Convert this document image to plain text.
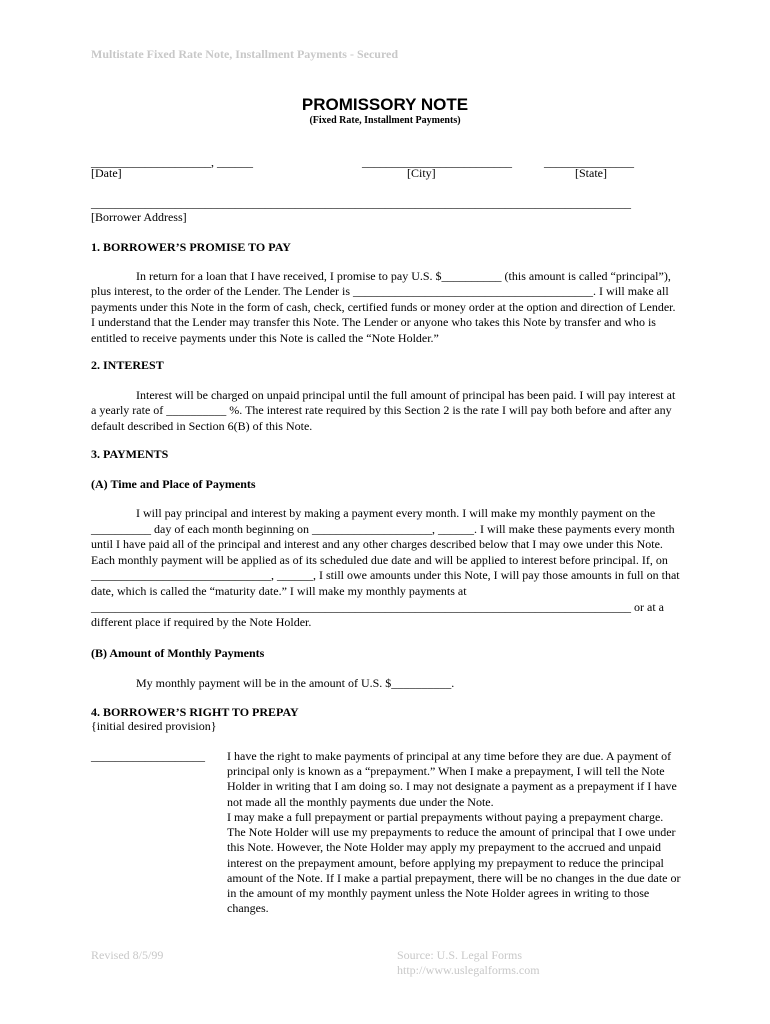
Multistate Fixed Rate Note, Installment Payments - Secured
PROMISSORY NOTE
(Fixed Rate, Installment Payments)
____________________, ______	_________________________	_______________
[Date]	[City]	[State]
__________________________________________________________________________________________
[Borrower Address]
1. BORROWER’S PROMISE TO PAY
In return for a loan that I have received, I promise to pay U.S. $__________ (this amount is called “principal”), plus interest, to the order of the Lender. The Lender is ________________________________________. I will make all payments under this Note in the form of cash, check, certified funds or money order at the option and direction of Lender. I understand that the Lender may transfer this Note. The Lender or anyone who takes this Note by transfer and who is entitled to receive payments under this Note is called the “Note Holder.”
2. INTEREST
Interest will be charged on unpaid principal until the full amount of principal has been paid. I will pay interest at a yearly rate of __________ %. The interest rate required by this Section 2 is the rate I will pay both before and after any default described in Section 6(B) of this Note.
3. PAYMENTS
(A) Time and Place of Payments
I will pay principal and interest by making a payment every month. I will make my monthly payment on the __________ day of each month beginning on ____________________, ______. I will make these payments every month until I have paid all of the principal and interest and any other charges described below that I may owe under this Note. Each monthly payment will be applied as of its scheduled due date and will be applied to interest before principal. If, on ______________________________, ______, I still owe amounts under this Note, I will pay those amounts in full on that date, which is called the “maturity date.” I will make my monthly payments at __________________________________________________________________________________________ or at a different place if required by the Note Holder.
(B) Amount of Monthly Payments
My monthly payment will be in the amount of U.S. $__________.
4. BORROWER’S RIGHT TO PREPAY
{initial desired provision}
___________________ I have the right to make payments of principal at any time before they are due. A payment of principal only is known as a “prepayment.” When I make a prepayment, I will tell the Note Holder in writing that I am doing so. I may not designate a payment as a prepayment if I have not made all the monthly payments due under the Note.
I may make a full prepayment or partial prepayments without paying a prepayment charge. The Note Holder will use my prepayments to reduce the amount of principal that I owe under this Note. However, the Note Holder may apply my prepayment to the accrued and unpaid interest on the prepayment amount, before applying my prepayment to reduce the principal amount of the Note. If I make a partial prepayment, there will be no changes in the due date or in the amount of my monthly payment unless the Note Holder agrees in writing to those changes.
Revised 8/5/99	Source: U.S. Legal Forms
http://www.uslegalforms.com
